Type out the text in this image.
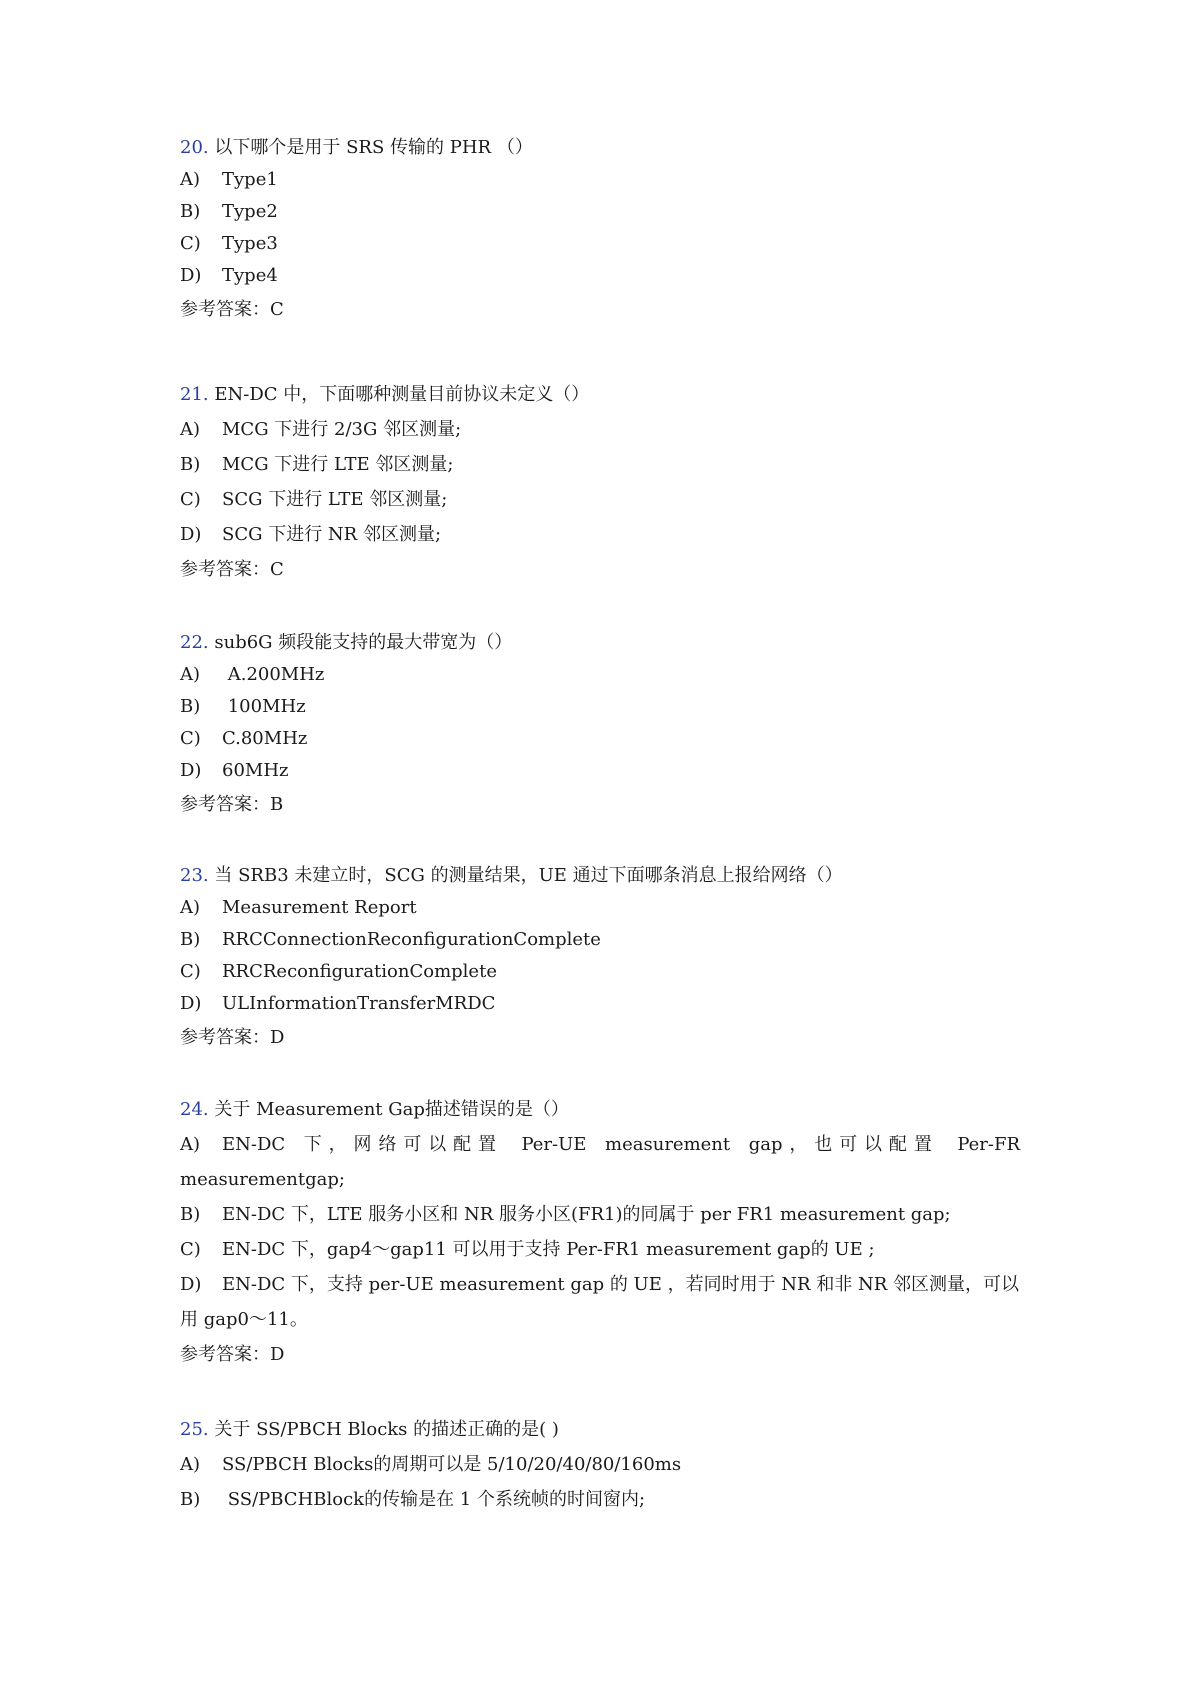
20. 以下哪个是用于 SRS 传输的 PHR （）
A) Type1
B) Type2
C) Type3
D) Type4
参考答案：C
21. EN-DC 中，下面哪种测量目前协议未定义（）
A) MCG 下进行 2/3G 邻区测量;
B) MCG 下进行 LTE 邻区测量;
C) SCG 下进行 LTE 邻区测量;
D) SCG 下进行 NR 邻区测量;
参考答案：C
22. sub6G 频段能支持的最大带宽为（）
A) A.200MHz
B) 100MHz
C) C.80MHz
D) 60MHz
参考答案：B
23. 当 SRB3 未建立时，SCG 的测量结果，UE 通过下面哪条消息上报给网络（）
A) Measurement Report
B) RRCConnectionReconfigurationComplete
C) RRCReconfigurationComplete
D) ULInformationTransferMRDC
参考答案：D
24. 关于 Measurement Gap描述错误的是（）
A) EN-DC 下，网络可以配置 Per-UE measurement gap，也可以配置 Per-FR measurementgap;
B) EN-DC 下，LTE 服务小区和 NR 服务小区(FR1)的同属于 per FR1 measurement gap;
C) EN-DC 下，gap4～gap11 可以用于支持 Per-FR1 measurement gap的 UE ;
D) EN-DC 下，支持 per-UE measurement gap 的 UE ，若同时用于 NR 和非 NR 邻区测量，可以用 gap0～11。
参考答案：D
25. 关于 SS/PBCH Blocks 的描述正确的是( )
A) SS/PBCH Blocks的周期可以是 5/10/20/40/80/160ms
B) SS/PBCHBlock的传输是在 1 个系统帧的时间窗内;
